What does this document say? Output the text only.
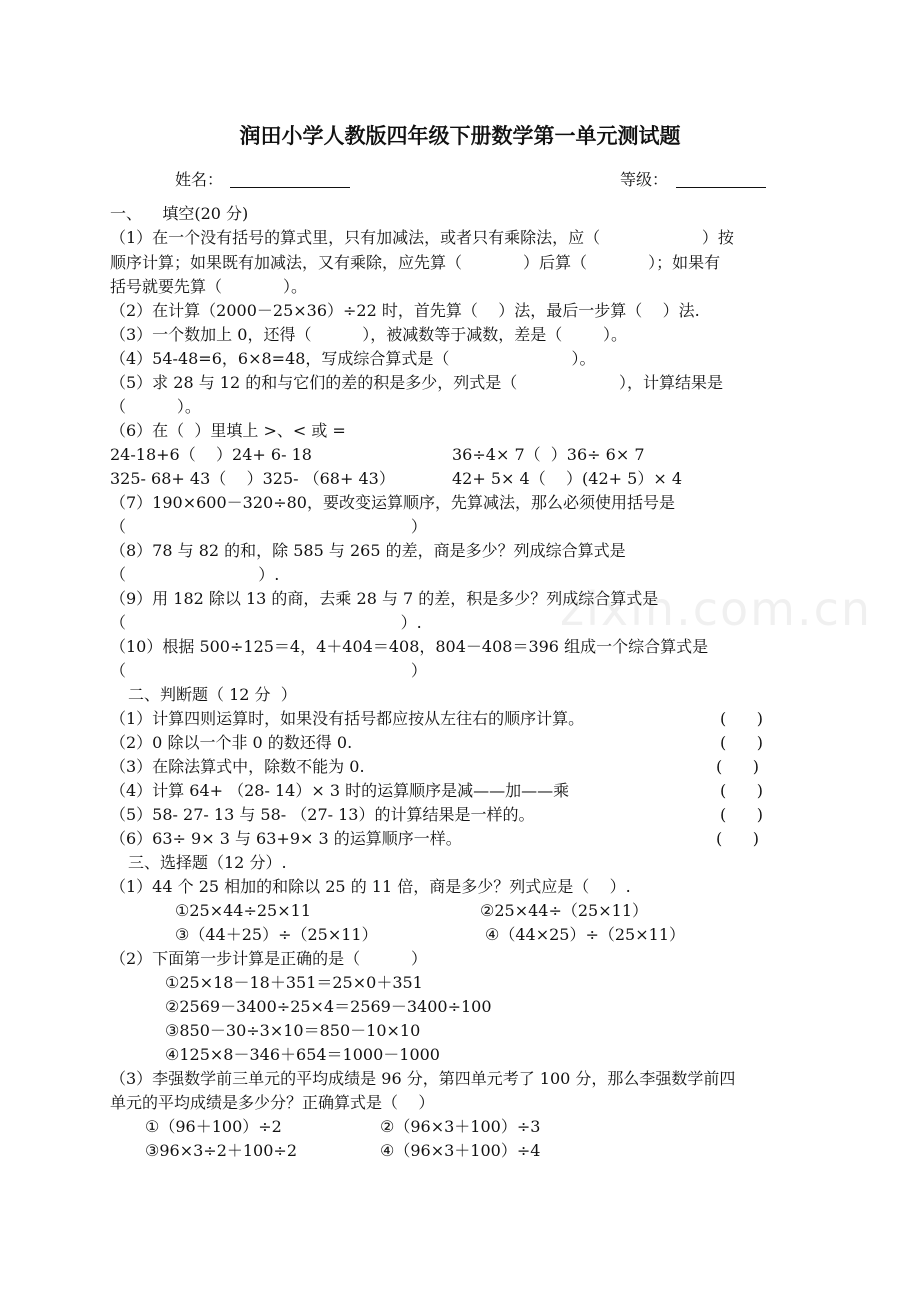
zixin.com.cn
润田小学人教版四年级下册数学第一单元测试题
姓名：	等级：
一、    填空(20 分)
（1）在一个没有括号的算式里，只有加减法，或者只有乘除法，应（                    ）按
顺序计算；如果既有加减法，又有乘除，应先算（            ）后算（            ）；如果有
括号就要先算（            ）。
（2）在计算（2000－25×36）÷22 时，首先算（    ）法，最后一步算（    ）法.
（3）一个数加上 0，还得（          ），被减数等于减数，差是（        ）。
（4）54-48=6，6×8=48，写成综合算式是（                        ）。
（5）求 28 与 12 的和与它们的差的积是多少，列式是（                    ），计算结果是
（          ）。
（6）在（  ）里填上 >、< 或 =
24-18+6（    ）24+ 6- 18	36÷4× 7（  ）36÷ 6× 7
325- 68+ 43（    ）325- （68+ 43）	42+ 5× 4（    ）(42+ 5）× 4
（7）190×600－320÷80，要改变运算顺序，先算减法，那么必须使用括号是
（                                                        ）
（8）78 与 82 的和，除 585 与 265 的差，商是多少？列成综合算式是
（                          ）.
（9）用 182 除以 13 的商，去乘 28 与 7 的差，积是多少？列成综合算式是
（                                                      ）.
（10）根据 500÷125＝4，4＋404＝408，804－408＝396 组成一个综合算式是
（                                                        ）
二、判断题（ 12 分  ）
（1）计算四则运算时，如果没有括号都应按从左往右的顺序计算。	(      )
（2）0 除以一个非 0 的数还得 0.	(      )
（3）在除法算式中，除数不能为 0.	(      )
（4）计算 64+ （28- 14）× 3 时的运算顺序是减——加——乘	(      )
（5）58- 27- 13 与 58- （27- 13）的计算结果是一样的。	(      )
（6）63÷ 9× 3 与 63+9× 3 的运算顺序一样。	(      )
三、选择题（12 分）.
（1）44 个 25 相加的和除以 25 的 11 倍，商是多少？列式应是（    ）.
①25×44÷25×11	②25×44÷（25×11）
③（44＋25）÷（25×11）	④（44×25）÷（25×11）
（2）下面第一步计算是正确的是（          ）
①25×18－18＋351＝25×0＋351
②2569－3400÷25×4＝2569－3400÷100
③850－30÷3×10＝850－10×10
④125×8－346＋654＝1000－1000
（3）李强数学前三单元的平均成绩是 96 分，第四单元考了 100 分，那么李强数学前四
单元的平均成绩是多少分？正确算式是（    ）
①（96＋100）÷2	②（96×3＋100）÷3
③96×3÷2＋100÷2	④（96×3＋100）÷4
